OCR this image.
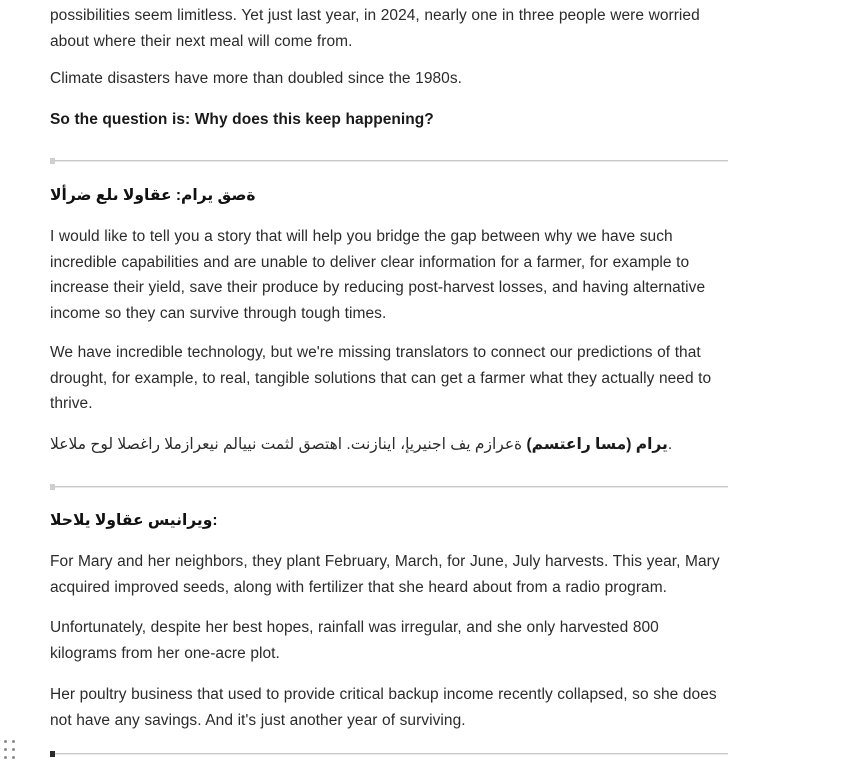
possibilities seem limitless. Yet just last year, in 2024, nearly one in three people were worried about where their next meal will come from.

Climate disasters have more than doubled since the 1980s.

So the question is: Why does this keep happening?

الأرض على الواقع :ماري قصة

I would like to tell you a story that will help you bridge the gap between why we have such incredible capabilities and are unable to deliver clear information for a farmer, for example to increase their yield, save their produce by reducing post-harvest losses, and having alternative income so they can survive through tough times.

We have incredible technology, but we're missing translators to connect our predictions of that drought, for example, to real, tangible solutions that can get a farmer what they actually need to thrive.

العالم حول الصغار المزارعين ملايين تمثل قصتها .تنزانيا ،إيرينجا في مزارعة (مستعار اسم) ماري.

الحالي الواقع سيناريو:

For Mary and her neighbors, they plant February, March, for June, July harvests. This year, Mary acquired improved seeds, along with fertilizer that she heard about from a radio program.

Unfortunately, despite her best hopes, rainfall was irregular, and she only harvested 800 kilograms from her one-acre plot.

Her poultry business that used to provide critical backup income recently collapsed, so she does not have any savings. And it's just another year of surviving.
